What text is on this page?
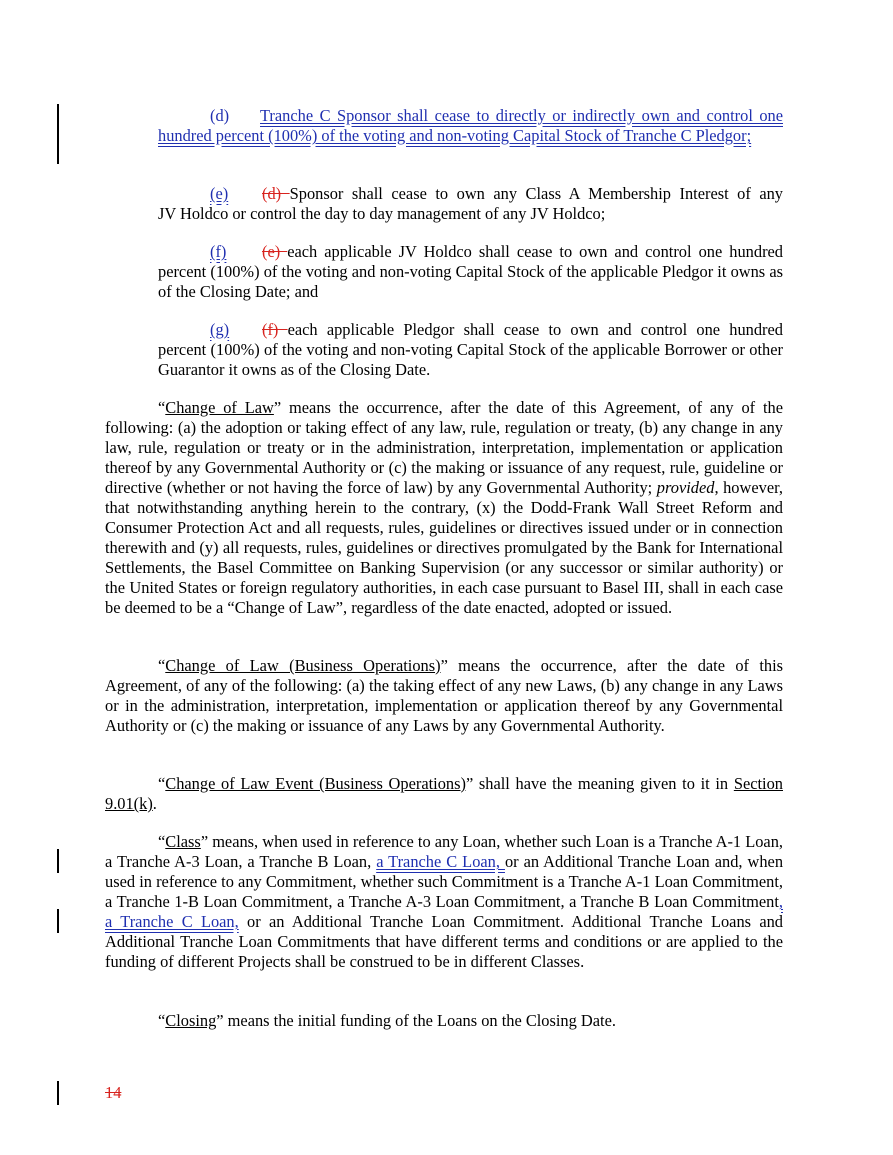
(d) Tranche C Sponsor shall cease to directly or indirectly own and control one hundred percent (100%) of the voting and non-voting Capital Stock of Tranche C Pledgor;
(e) (d) Sponsor shall cease to own any Class A Membership Interest of any
JV Holdco or control the day to day management of any JV Holdco;
(f) (e) each applicable JV Holdco shall cease to own and control one hundred
percent (100%) of the voting and non-voting Capital Stock of the applicable Pledgor it owns as of the Closing Date; and
(g) (f) each applicable Pledgor shall cease to own and control one hundred
percent (100%) of the voting and non-voting Capital Stock of the applicable Borrower or other Guarantor it owns as of the Closing Date.

“Change of Law” means the occurrence, after the date of this Agreement, of any of the following: (a) the adoption or taking effect of any law, rule, regulation or treaty, (b) any change in any law, rule, regulation or treaty or in the administration, interpretation, implementation or application thereof by any Governmental Authority or (c) the making or issuance of any request, rule, guideline or directive (whether or not having the force of law) by any Governmental Authority; provided, however, that notwithstanding anything herein to the contrary, (x) the Dodd-Frank Wall Street Reform and Consumer Protection Act and all requests, rules, guidelines or directives issued under or in connection therewith and (y) all requests, rules, guidelines or directives promulgated by the Bank for International Settlements, the Basel Committee on Banking Supervision (or any successor or similar authority) or the United States or foreign regulatory authorities, in each case pursuant to Basel III, shall in each case be deemed to be a “Change of Law”, regardless of the date enacted, adopted or issued.

“Change of Law (Business Operations)” means the occurrence, after the date of this Agreement, of any of the following: (a) the taking effect of any new Laws, (b) any change in any Laws or in the administration, interpretation, implementation or application thereof by any Governmental Authority or (c) the making or issuance of any Laws by any Governmental Authority.

“Change of Law Event (Business Operations)” shall have the meaning given to it in Section 9.01(k).

“Class” means, when used in reference to any Loan, whether such Loan is a Tranche A-1 Loan, a Tranche A-3 Loan, a Tranche B Loan, a Tranche C Loan, or an Additional Tranche Loan and, when used in reference to any Commitment, whether such Commitment is a Tranche A-1 Loan Commitment, a Tranche 1-B Loan Commitment, a Tranche A-3 Loan Commitment, a Tranche B Loan Commitment, a Tranche C Loan, or an Additional Tranche Loan Commitment. Additional Tranche Loans and Additional Tranche Loan Commitments that have different terms and conditions or are applied to the funding of different Projects shall be construed to be in different Classes.

“Closing” means the initial funding of the Loans on the Closing Date.

14
